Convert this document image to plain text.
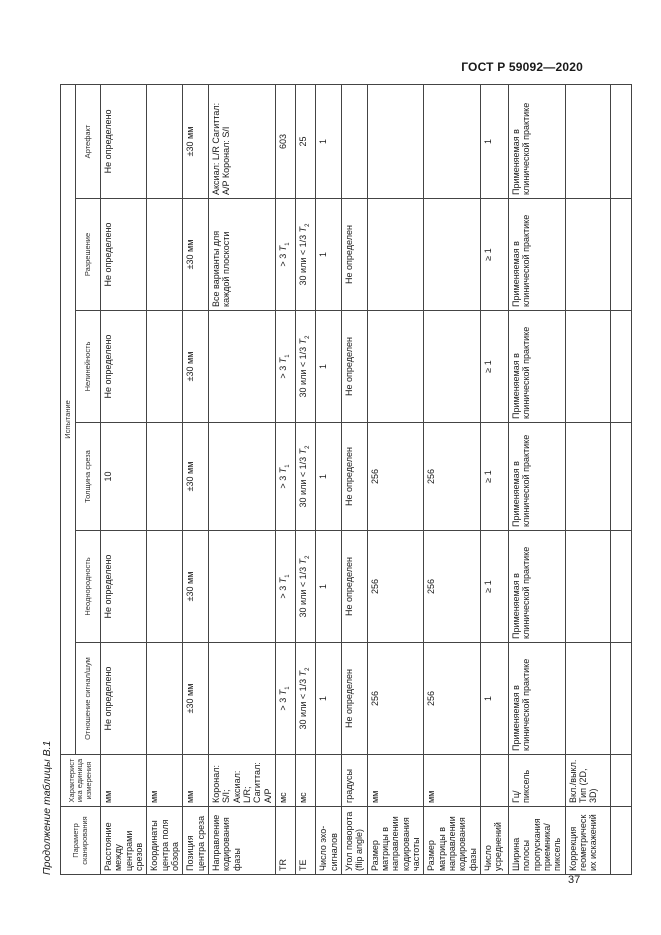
ГОСТ Р 59092—2020
Продолжение таблицы В.1	Параметр сканирования	Характеристика единица измерения	Испытание					
		Отношение сигнал/шум	Неоднородность	Толщина среза	Нелинейность	Разрешение	Артефакт
Расстояние между центрами срезов	мм	Не определено	Не определено	10	Не определено	Не определено	Не определено
Координаты центра поля обзора	мм						
Позиция центра среза	мм	±30 мм	±30 мм	±30 мм	±30 мм	±30 мм	±30 мм
Направление кодирования фазы	Коронал: S/I; Аксиал: L/R; Сагиттал: A/P					Все варианты для каждой плоскости	Аксиал: L/R Сагиттал: A/P Коронал: S/I
TR	мс	> 3 $T_1$	> 3 $T_1$	> 3 $T_1$	> 3 $T_1$	> 3 $T_1$	603
TE	мс	30 или < 1/3 $T_2$	30 или < 1/3 $T_2$	30 или < 1/3 $T_2$	30 или < 1/3 $T_2$	30 или < 1/3 $T_2$	25
Число эхо-сигналов		1	1	1	1	1	1
Угол поворота (flip angle)	градусы	Не определен	Не определен	Не определен	Не определен	Не определен	
Размер матрицы в направлении кодирования частоты	мм	256	256	256			
Размер матрицы в направлении кодирования фазы	мм	256	256	256			
Число усреднений		1	≥ 1	≥ 1	≥ 1	≥ 1	1
Ширина полосы пропускания приемника/пиксель	Гц/пиксель	Применяемая в клинической практике	Применяемая в клинической практике	Применяемая в клинической практике	Применяемая в клинической практике	Применяемая в клинической практике	Применяемая в клинической практике
Коррекция геометрических искажений	Вкл./выкл. Тип (2D, 3D)						

37
